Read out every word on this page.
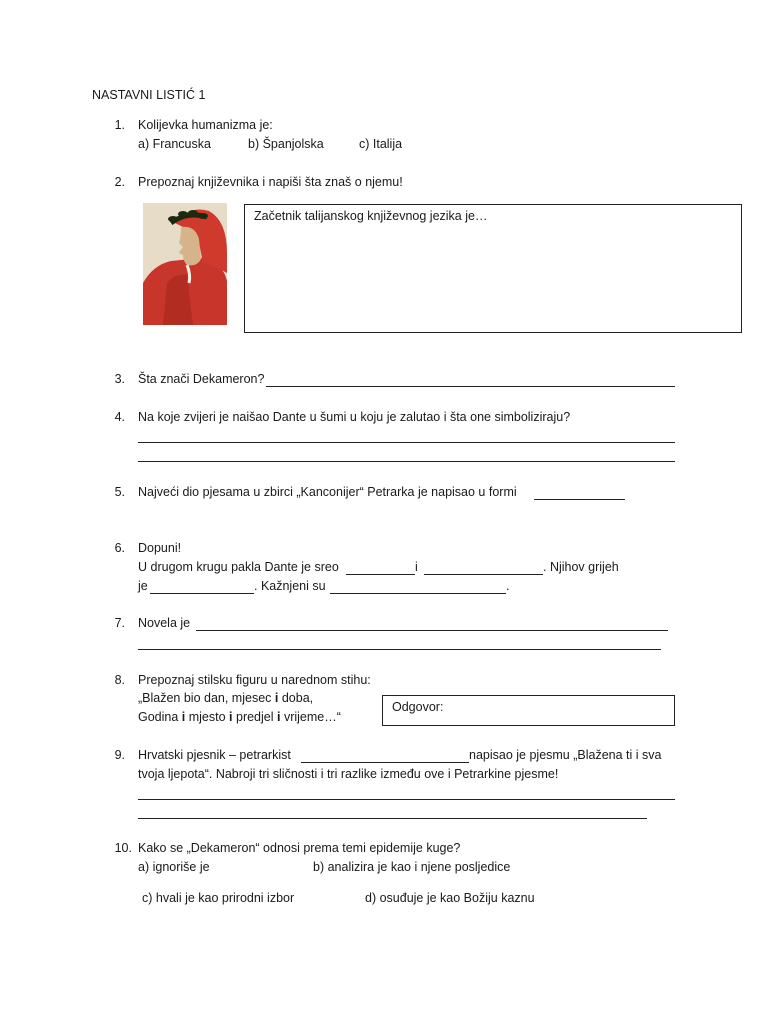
NASTAVNI LISTIĆ 1
1. Kolijevka humanizma je:
a) Francuska	b) Španjolska	c) Italija
2. Prepoznaj književnika i napiši šta znaš o njemu!
Začetnik talijanskog književnog jezika je…
3. Šta znači Dekameron?
4. Na koje zvijeri je naišao Dante u šumi u koju je zalutao i šta one simboliziraju?
5. Najveći dio pjesama u zbirci „Kanconijer“ Petrarka je napisao u formi
6. Dopuni!
U drugom krugu pakla Dante je sreo	i	. Njihov grijeh
je	. Kažnjeni su	.
7. Novela je
8. Prepoznaj stilsku figuru u narednom stihu:
„Blažen bio dan, mjesec i doba,
Godina i mjesto i predjel i vrijeme…“
Odgovor:
9. Hrvatski pjesnik – petrarkist	napisao je pjesmu „Blažena ti i sva
tvoja ljepota“. Nabroji tri sličnosti i tri razlike između ove i Petrarkine pjesme!
10. Kako se „Dekameron“ odnosi prema temi epidemije kuge?
a) ignoriše je	b) analizira je kao i njene posljedice
c) hvali je kao prirodni izbor	d) osuđuje je kao Božiju kaznu
